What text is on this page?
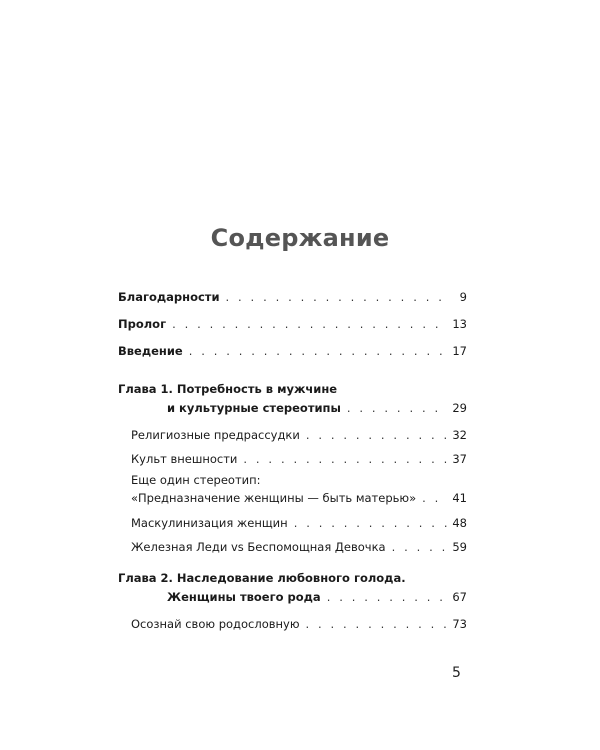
Содержание
Благодарности . . .	9
Пролог . . .	13
Введение . . .	17
Глава 1. Потребность в мужчине
и культурные стереотипы . . .	29
Религиозные предрассудки . . .	32
Культ внешности . . .	37
Еще один стереотип:
«Предназначение женщины — быть матерью» . . .	41
Маскулинизация женщин . . .	48
Железная Леди vs Беспомощная Девочка . . .	59
Глава 2. Наследование любовного голода.
Женщины твоего рода . . .	67
Осознай свою родословную . . .	73
5
